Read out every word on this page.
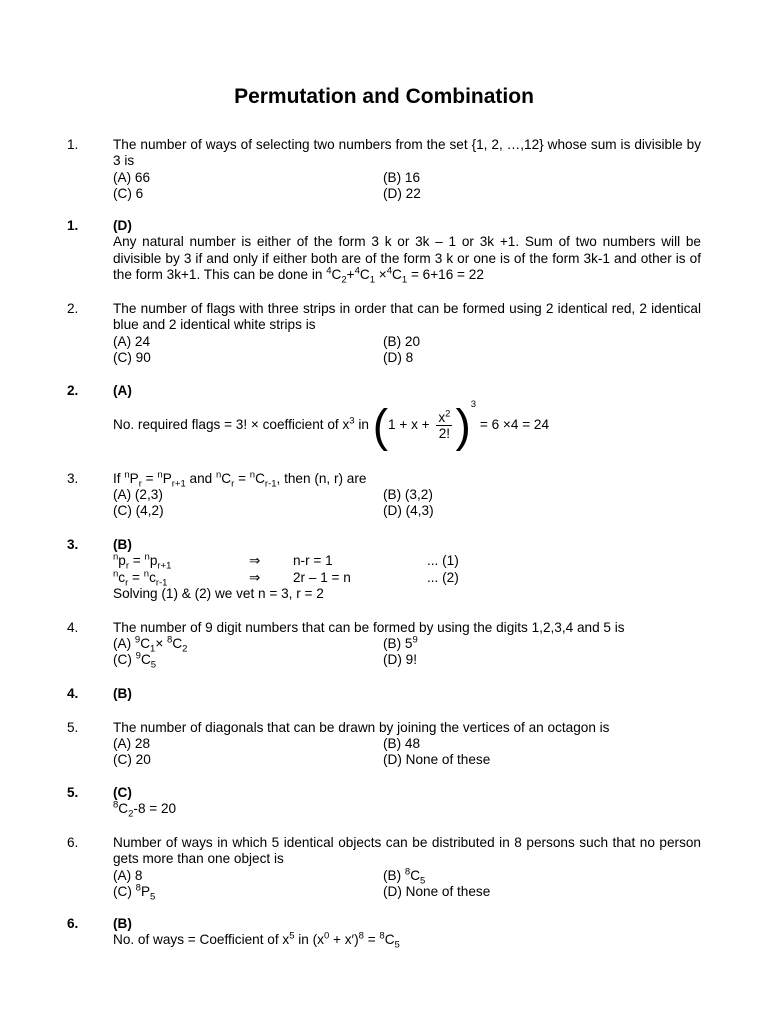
Permutation and Combination
1.	The number of ways of selecting two numbers from the set {1, 2, …,12} whose sum is divisible by 3 is
(A) 66	(B) 16
(C) 6	(D) 22
1.	(D)
Any natural number is either of the form 3 k or 3k – 1 or 3k +1. Sum of two numbers will be divisible by 3 if and only if either both are of the form 3 k or one is of the form 3k-1 and other is of the form 3k+1. This can be done in $^4C_2+^4C_1 \times^4C_1 = 6+16 = 22$
2.	The number of flags with three strips in order that can be formed using 2 identical red, 2 identical blue and 2 identical white strips is
(A) 24	(B) 20
(C) 90	(D) 8
2.	(A)
No. required flags = 3! × coefficient of $x^3$ in $(1 + x + \frac{x^2}{2!} )^3 = 6 \times 4 = 24$
3.	If $^nP_r = ^nP_{r+1}$ and $^nC_r = ^nC_{r-1}$, then (n, r) are
(A) (2,3)	(B) (3,2)
(C) (4,2)	(D) (4,3)
3.	(B)
$^np_r = ^np_{r+1}$	⇒ n-r = 1	... (1)
$^nc_r = ^nc_{r-1}$	⇒ 2r – 1 = n	... (2)
Solving (1) & (2) we vet n = 3, r = 2
4.	The number of 9 digit numbers that can be formed by using the digits 1,2,3,4 and 5 is
(A) $^9C_1\times ^8C_2$	(B) $5^9$
(C) $^9C_5$	(D) 9!
4.	(B)
5.	The number of diagonals that can be drawn by joining the vertices of an octagon is
(A) 28	(B) 48
(C) 20	(D) None of these
5.	(C)
$^8C_2-8 = 20$
6.	Number of ways in which 5 identical objects can be distributed in 8 persons such that no person gets more than one object is
(A) 8	(B) $^8C_5$
(C) $^8P_5$	(D) None of these
6.	(B)
No. of ways = Coefficient of $x^5$ in $(x^0 + x')^8 = ^8C_5$
